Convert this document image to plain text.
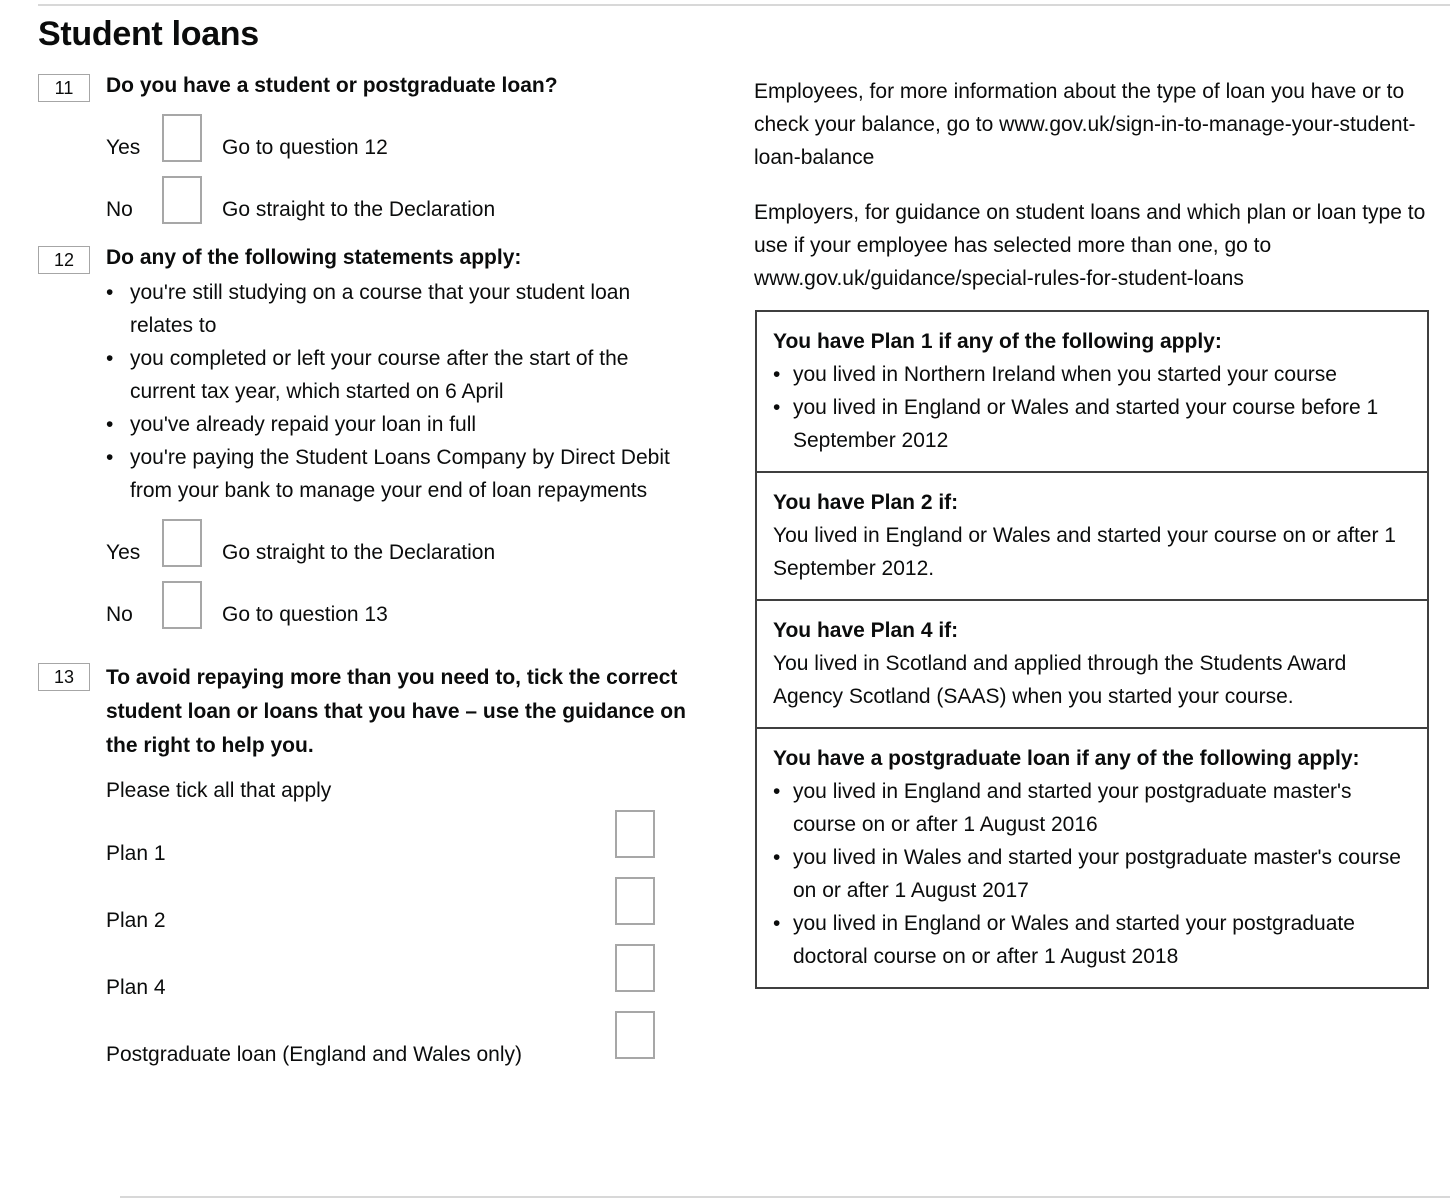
Student loans
11	Do you have a student or postgraduate loan?
Yes	Go to question 12
No	Go straight to the Declaration
12	Do any of the following statements apply:
• you're still studying on a course that your student loan relates to
• you completed or left your course after the start of the current tax year, which started on 6 April
• you've already repaid your loan in full
• you're paying the Student Loans Company by Direct Debit from your bank to manage your end of loan repayments
Yes	Go straight to the Declaration
No	Go to question 13
13	To avoid repaying more than you need to, tick the correct student loan or loans that you have – use the guidance on the right to help you.
Please tick all that apply
Plan 1
Plan 2
Plan 4
Postgraduate loan (England and Wales only)

Employees, for more information about the type of loan you have or to check your balance, go to www.gov.uk/sign-in-to-manage-your-student-loan-balance

Employers, for guidance on student loans and which plan or loan type to use if your employee has selected more than one, go to www.gov.uk/guidance/special-rules-for-student-loans

You have Plan 1 if any of the following apply:
• you lived in Northern Ireland when you started your course
• you lived in England or Wales and started your course before 1 September 2012
You have Plan 2 if:

You lived in England or Wales and started your course on or after 1 September 2012.

You have Plan 4 if:

You lived in Scotland and applied through the Students Award Agency Scotland (SAAS) when you started your course.

You have a postgraduate loan if any of the following apply:
• you lived in England and started your postgraduate master's course on or after 1 August 2016
• you lived in Wales and started your postgraduate master's course on or after 1 August 2017
• you lived in England or Wales and started your postgraduate doctoral course on or after 1 August 2018
